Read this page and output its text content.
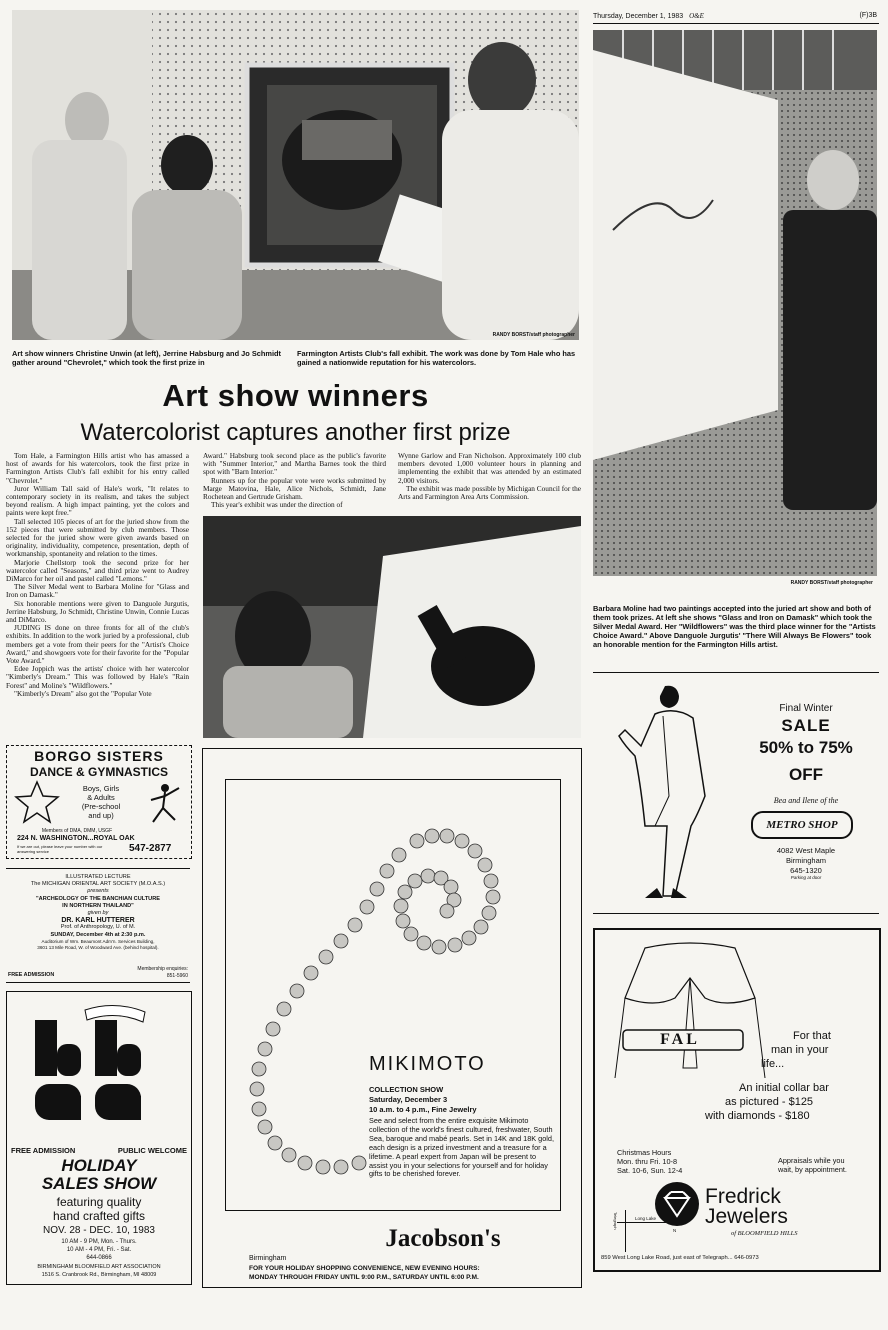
Thursday, December 1, 1983 O&E	(F)3B
RANDY BORST/staff photographer
Art show winners Christine Unwin (at left), Jerrine Habsburg and Jo Schmidt gather around "Chevrolet," which took the first prize in
Farmington Artists Club's fall exhibit. The work was done by Tom Hale who has gained a nationwide reputation for his watercolors.
Art show winners
Watercolorist captures another first prize

Tom Hale, a Farmington Hills artist who has amassed a host of awards for his watercolors, took the first prize in Farmington Artists Club's fall exhibit for his entry called "Chevrolet."

Juror William Tall said of Hale's work, "It relates to contemporary society in its realism, and takes the subject beyond realism. A high impact painting, yet the colors and paints were kept free."

Tall selected 105 pieces of art for the juried show from the 152 pieces that were submitted by club members. Those selected for the juried show were given awards based on originality, individuality, competence, presentation, depth of workmanship, spontaneity and relation to the times.

Marjorie Chellstorp took the second prize for her watercolor called "Seasons," and third prize went to Audrey DiMarco for her oil and pastel called "Lemons."

The Silver Medal went to Barbara Moline for "Glass and Iron on Damask."

Six honorable mentions were given to Danguole Jurgutis, Jerrine Habsburg, Jo Schmidt, Christine Unwin, Connie Lucas and DiMarco.

JUDING IS done on three fronts for all of the club's exhibits. In addition to the work juried by a professional, club members get a vote from their peers for the "Artist's Choice Award," and showgoers vote for their favorite for the "Popular Vote Award."

Edee Joppich was the artists' choice with her watercolor "Kimberly's Dream." This was followed by Hale's "Rain Forest" and Moline's "Wildflowers."

"Kimberly's Dream" also got the "Popular Vote

Award." Habsburg took second place as the public's favorite with "Summer Interior," and Martha Barnes took the third spot with "Barn Interior."

Runners up for the popular vote were works submitted by Marge Matovina, Hale, Alice Nichols, Schmidt, Jane Rochetean and Gertrude Grisham.

This year's exhibit was under the direction of

Wynne Garlow and Fran Nicholson. Approximately 100 club members devoted 1,000 volunteer hours in planning and implementing the exhibit that was attended by an estimated 2,000 visitors.

The exhibit was made possible by Michigan Council for the Arts and Farmington Area Arts Commission.

RANDY BORST/staff photographer
Barbara Moline had two paintings accepted into the juried art show and both of them took prizes. At left she shows "Glass and Iron on Damask" which took the Silver Medal Award. Her "Wildflowers" was the third place winner for the "Artists Choice Award." Above Danguole Jurgutis' "There Will Always Be Flowers" took an honorable mention for the Farmington Hills artist.
BORGO SISTERS
DANCE & GYMNASTICS
Boys, Girls
& Adults
(Pre-school
and up)
Members of DMA, DMM, USGF
224 N. WASHINGTON...ROYAL OAK
If we are out, please leave your number with our answering service	547-2877
ILLUSTRATED LECTURE
The MICHIGAN ORIENTAL ART SOCIETY (M.O.A.S.)
presents
"ARCHEOLOGY OF THE BANCHIAN CULTURE
IN NORTHERN THAILAND"
given by
DR. KARL HUTTERER
Prof. of Anthropology, U. of M.
SUNDAY, December 4th at 2:30 p.m.
Auditorium of Wm. Beaumont Adm'n. Services Building,
3601 13 Mile Road, W. of Woodward Ave. (behind hospital).
FREE ADMISSION
Membership enquiries:
851-5960
FREE ADMISSION	PUBLIC WELCOME
HOLIDAY
SALES SHOW
featuring quality
hand crafted gifts
NOV. 28 - DEC. 10, 1983
10 AM - 9 PM, Mon. - Thurs.
10 AM - 4 PM, Fri. - Sat.
644-0866
BIRMINGHAM BLOOMFIELD ART ASSOCIATION
1516 S. Cranbrook Rd., Birmingham, MI 48009
MIKIMOTO
COLLECTION SHOW
Saturday, December 3
10 a.m. to 4 p.m., Fine Jewelry
See and select from the entire exquisite Mikimoto collection of the world's finest cultured, freshwater, South Sea, baroque and mabé pearls. Set in 14K and 18K gold, each design is a prized investment and a treasure for a lifetime. A pearl expert from Japan will be present to assist you in your selections for yourself and for holiday gifts to be cherished forever.
Jacobson's
Birmingham
FOR YOUR HOLIDAY SHOPPING CONVENIENCE, NEW EVENING HOURS:
MONDAY THROUGH FRIDAY UNTIL 9:00 P.M., SATURDAY UNTIL 6:00 P.M.
Final Winter
SALE
50% to 75%
OFF
Bea and Ilene of the
METRO SHOP
4082 West Maple
Birmingham
645-1320
Parking at door
FAL	For that
man in your
life...
An initial collar bar
as pictured - $125
with diamonds - $180
Christmas Hours
Mon. thru Fri. 10-8
Sat. 10-6, Sun. 12-4
Appraisals while you
wait, by appointment.
Fredrick
Jewelers
of BLOOMFIELD HILLS
Telegraph	Long Lake
N
859 West Long Lake Road, just east of Telegraph... 646-0973
